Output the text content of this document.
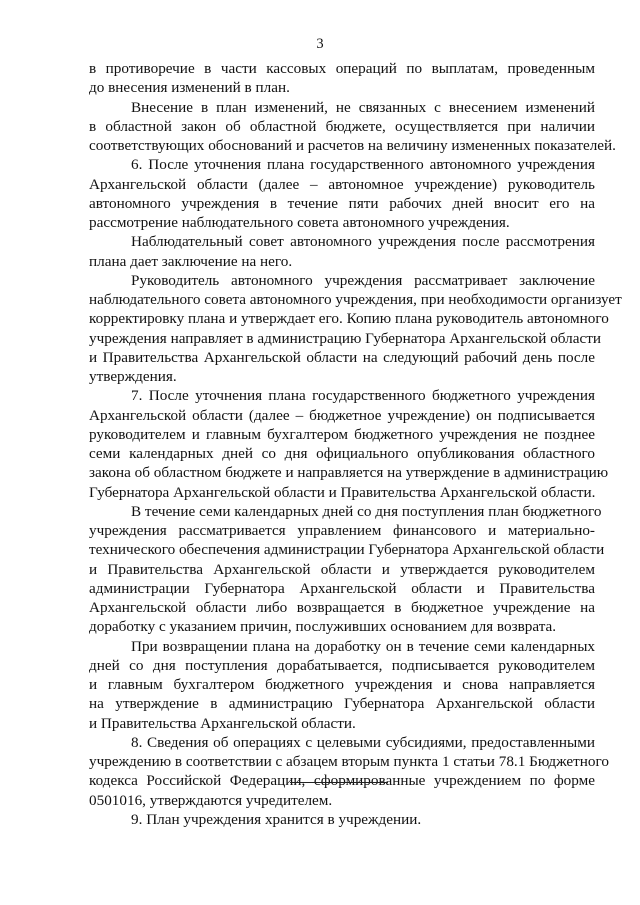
3
в противоречие в части кассовых операций по выплатам, проведенным
до внесения изменений в план.
Внесение в план изменений, не связанных с внесением изменений
в областной закон об областной бюджете, осуществляется при наличии
соответствующих обоснований и расчетов на величину измененных показателей.
6. После уточнения плана государственного автономного учреждения
Архангельской области (далее – автономное учреждение) руководитель
автономного учреждения в течение пяти рабочих дней вносит его на
рассмотрение наблюдательного совета автономного учреждения.
Наблюдательный совет автономного учреждения после рассмотрения
плана дает заключение на него.
Руководитель автономного учреждения рассматривает заключение
наблюдательного совета автономного учреждения, при необходимости организует
корректировку плана и утверждает его. Копию плана руководитель автономного
учреждения направляет в администрацию Губернатора Архангельской области
и Правительства Архангельской области на следующий рабочий день после
утверждения.
7. После уточнения плана государственного бюджетного учреждения
Архангельской области (далее – бюджетное учреждение) он подписывается
руководителем и главным бухгалтером бюджетного учреждения не позднее
семи календарных дней со дня официального опубликования областного
закона об областном бюджете и направляется на утверждение в администрацию
Губернатора Архангельской области и Правительства Архангельской области.
В течение семи календарных дней со дня поступления план бюджетного
учреждения рассматривается управлением финансового и материально-
технического обеспечения администрации Губернатора Архангельской области
и Правительства Архангельской области и утверждается руководителем
администрации Губернатора Архангельской области и Правительства
Архангельской области либо возвращается в бюджетное учреждение на
доработку с указанием причин, послуживших основанием для возврата.
При возвращении плана на доработку он в течение семи календарных
дней со дня поступления дорабатывается, подписывается руководителем
и главным бухгалтером бюджетного учреждения и снова направляется
на утверждение в администрацию Губернатора Архангельской области
и Правительства Архангельской области.
8. Сведения об операциях с целевыми субсидиями, предоставленными
учреждению в соответствии с абзацем вторым пункта 1 статьи 78.1 Бюджетного
кодекса Российской Федерации, сформированные учреждением по форме
0501016, утверждаются учредителем.
9. План учреждения хранится в учреждении.
